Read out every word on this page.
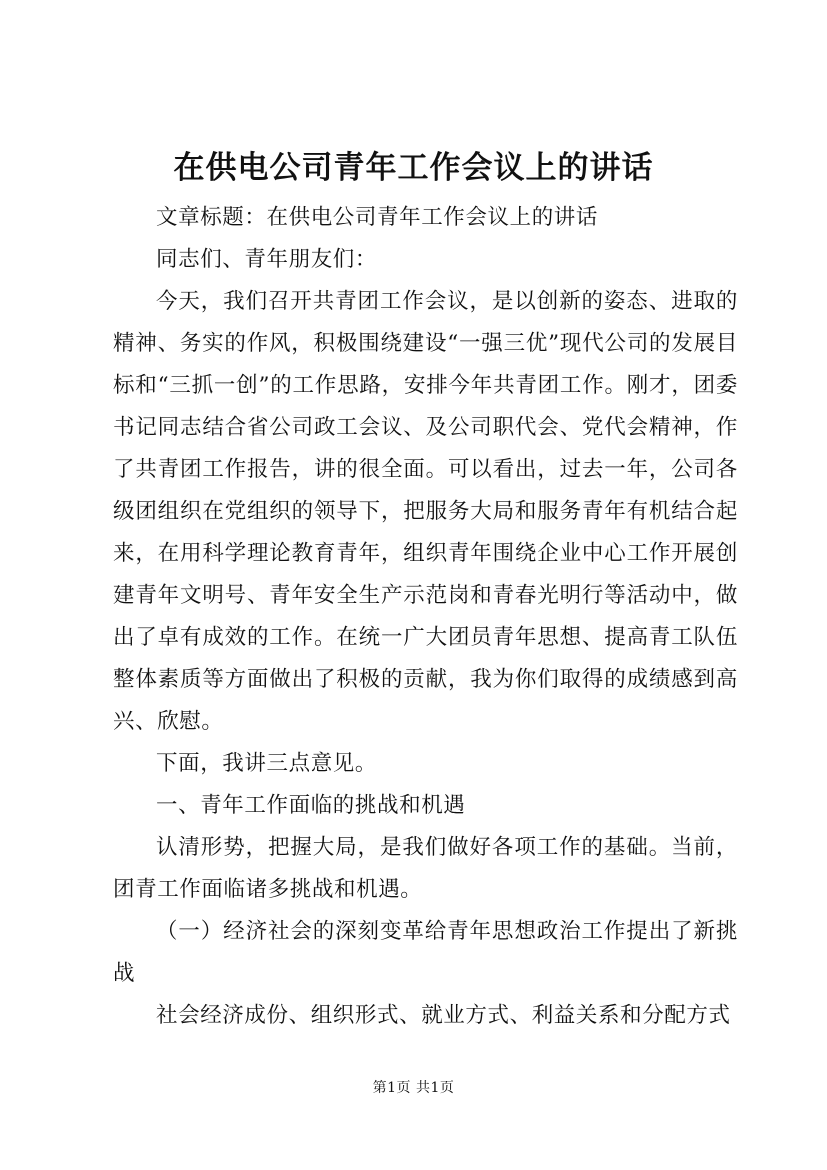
在供电公司青年工作会议上的讲话

文章标题：在供电公司青年工作会议上的讲话

同志们、青年朋友们：

今天，我们召开共青团工作会议，是以创新的姿态、进取的精神、务实的作风，积极围绕建设“一强三优”现代公司的发展目标和“三抓一创”的工作思路，安排今年共青团工作。刚才，团委书记同志结合省公司政工会议、及公司职代会、党代会精神，作了共青团工作报告，讲的很全面。可以看出，过去一年，公司各级团组织在党组织的领导下，把服务大局和服务青年有机结合起来，在用科学理论教育青年，组织青年围绕企业中心工作开展创建青年文明号、青年安全生产示范岗和青春光明行等活动中，做出了卓有成效的工作。在统一广大团员青年思想、提高青工队伍整体素质等方面做出了积极的贡献，我为你们取得的成绩感到高兴、欣慰。

下面，我讲三点意见。

一、青年工作面临的挑战和机遇

认清形势，把握大局，是我们做好各项工作的基础。当前，团青工作面临诸多挑战和机遇。

（一）经济社会的深刻变革给青年思想政治工作提出了新挑战

社会经济成份、组织形式、就业方式、利益关系和分配方式

第1页 共1页
